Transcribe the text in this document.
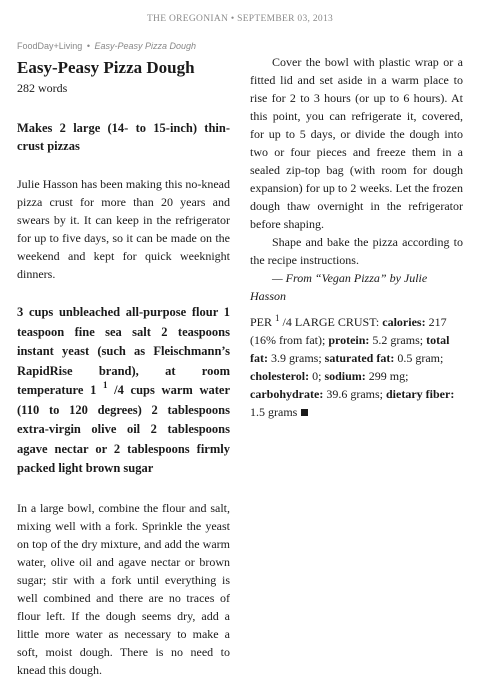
THE OREGONIAN • SEPTEMBER 03, 2013
FoodDay+Living • Easy-Peasy Pizza Dough
Easy-Peasy Pizza Dough

282 words

Makes 2 large (14- to 15-inch) thin-crust pizzas

Julie Hasson has been making this no-knead pizza crust for more than 20 years and swears by it. It can keep in the refrigerator for up to five days, so it can be made on the weekend and kept for quick weeknight dinners.

3 cups unbleached all-purpose flour 1 teaspoon fine sea salt 2 teaspoons instant yeast (such as Fleischmann’s RapidRise brand), at room temperature 1 $^1$ /4 cups warm water (110 to 120 degrees) 2 tablespoons extra-virgin olive oil 2 tablespoons agave nectar or 2 tablespoons firmly packed light brown sugar

In a large bowl, combine the flour and salt, mixing well with a fork. Sprinkle the yeast on top of the dry mixture, and add the warm water, olive oil and agave nectar or brown sugar; stir with a fork until everything is well combined and there are no traces of flour left. If the dough seems dry, add a little more water as necessary to make a soft, moist dough. There is no need to knead this dough.

Cover the bowl with plastic wrap or a fitted lid and set aside in a warm place to rise for 2 to 3 hours (or up to 6 hours). At this point, you can refrigerate it, covered, for up to 5 days, or divide the dough into two or four pieces and freeze them in a sealed zip-top bag (with room for dough expansion) for up to 2 weeks. Let the frozen dough thaw overnight in the refrigerator before shaping.

Shape and bake the pizza according to the recipe instructions.

— From “Vegan Pizza” by Julie Hasson

PER $^1$ /4 LARGE CRUST: calories: 217 (16% from fat); protein: 5.2 grams; total fat: 3.9 grams; saturated fat: 0.5 gram; cholesterol: 0; sodium: 299 mg; carbohydrate: 39.6 grams; dietary fiber: 1.5 grams
